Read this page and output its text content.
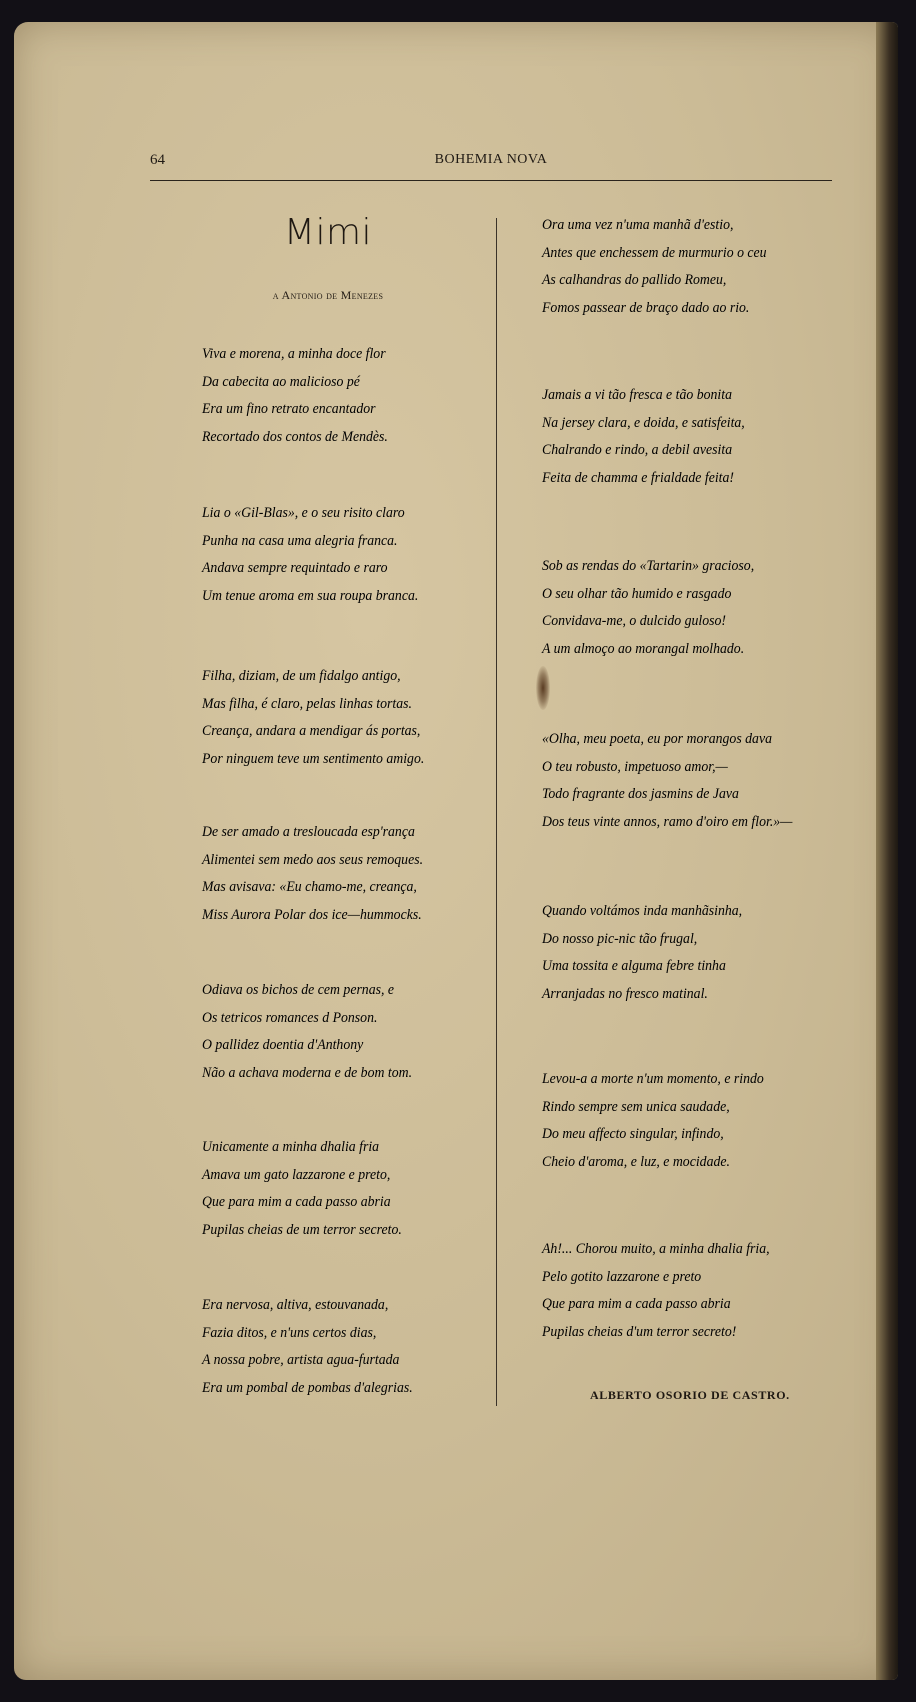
64	BOHEMIA NOVA
Mimi
a Antonio de Menezes
Viva e morena, a minha doce flor
Da cabecita ao malicioso pé
Era um fino retrato encantador
Recortado dos contos de Mendès.
Lia o «Gil-Blas», e o seu risito claro
Punha na casa uma alegria franca.
Andava sempre requintado e raro
Um tenue aroma em sua roupa branca.
Filha, diziam, de um fidalgo antigo,
Mas filha, é claro, pelas linhas tortas.
Creança, andara a mendigar ás portas,
Por ninguem teve um sentimento amigo.
De ser amado a tresloucada esp'rança
Alimentei sem medo aos seus remoques.
Mas avisava: «Eu chamo-me, creança,
Miss Aurora Polar dos ice—hummocks.
Odiava os bichos de cem pernas, e
Os tetricos romances d Ponson.
O pallidez doentia d'Anthony
Não a achava moderna e de bom tom.
Unicamente a minha dhalia fria
Amava um gato lazzarone e preto,
Que para mim a cada passo abria
Pupilas cheias de um terror secreto.
Era nervosa, altiva, estouvanada,
Fazia ditos, e n'uns certos dias,
A nossa pobre, artista agua-furtada
Era um pombal de pombas d'alegrias.
Ora uma vez n'uma manhã d'estio,
Antes que enchessem de murmurio o ceu
As calhandras do pallido Romeu,
Fomos passear de braço dado ao rio.
Jamais a vi tão fresca e tão bonita
Na jersey clara, e doida, e satisfeita,
Chalrando e rindo, a debil avesita
Feita de chamma e frialdade feita!
Sob as rendas do «Tartarin» gracioso,
O seu olhar tão humido e rasgado
Convidava-me, o dulcido guloso!
A um almoço ao morangal molhado.
«Olha, meu poeta, eu por morangos dava
O teu robusto, impetuoso amor,—
Todo fragrante dos jasmins de Java
Dos teus vinte annos, ramo d'oiro em flor.»—
Quando voltámos inda manhãsinha,
Do nosso pic-nic tão frugal,
Uma tossita e alguma febre tinha
Arranjadas no fresco matinal.
Levou-a a morte n'um momento, e rindo
Rindo sempre sem unica saudade,
Do meu affecto singular, infindo,
Cheio d'aroma, e luz, e mocidade.
Ah!... Chorou muito, a minha dhalia fria,
Pelo gotito lazzarone e preto
Que para mim a cada passo abria
Pupilas cheias d'um terror secreto!
ALBERTO OSORIO DE CASTRO.
